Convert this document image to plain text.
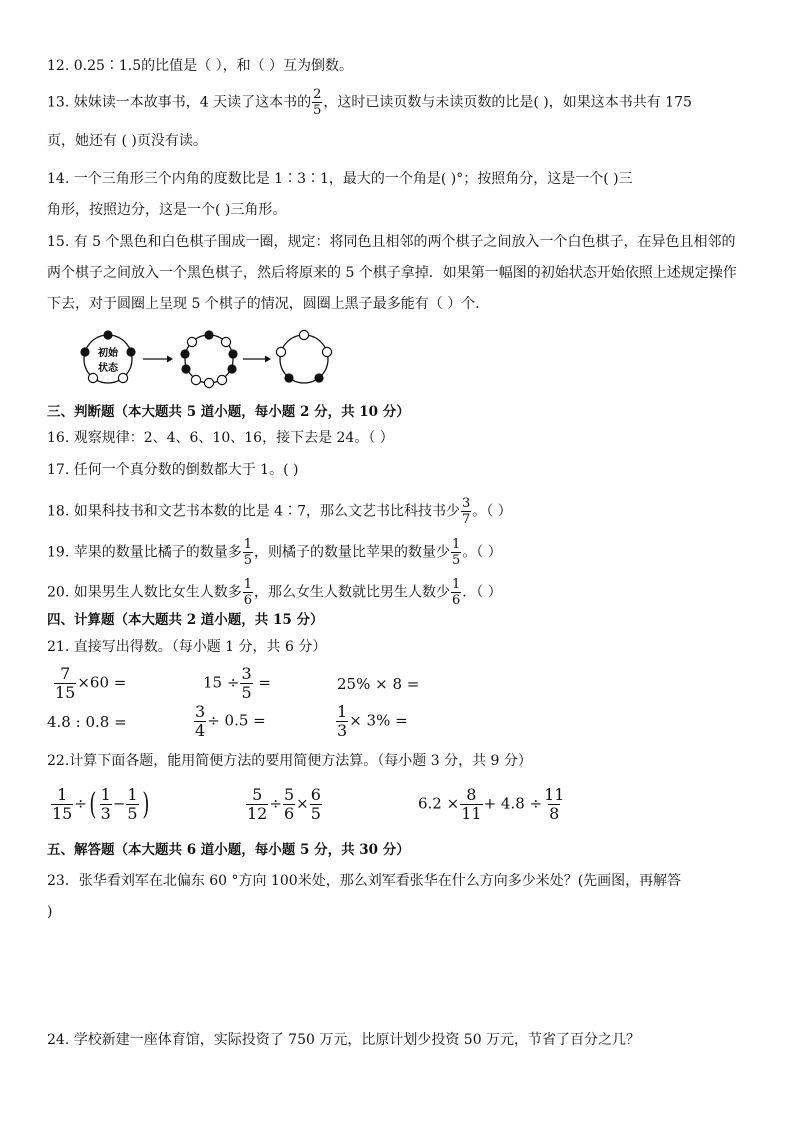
12. 0.25∶1.5的比值是（ ），和（ ）互为倒数。
13. 妹妹读一本故事书，4 天读了这本书的 $\frac{2}{5}$ ，这时已读页数与未读页数的比是( )，如果这本书共有 175
页，她还有 ( )页没有读。
14. 一个三角形三个内角的度数比是 1∶3∶1，最大的一个角是( )°；按照角分，这是一个( )三
角形，按照边分，这是一个( )三角形。
15. 有 5 个黑色和白色棋子围成一圈，规定：将同色且相邻的两个棋子之间放入一个白色棋子，在异色且相邻的
两个棋子之间放入一个黑色棋子，然后将原来的 5 个棋子拿掉．如果第一幅图的初始状态开始依照上述规定操作
下去，对于圆圈上呈现 5 个棋子的情况，圆圈上黑子最多能有（ ）个．
初始
状态
三、判断题（本大题共 5 道小题，每小题 2 分，共 10 分）
16. 观察规律：2、4、6、10、16，接下去是 24。（ ）
17. 任何一个真分数的倒数都大于 1。( )
18. 如果科技书和文艺书本数的比是 4∶7，那么文艺书比科技书少 $\frac{3}{7}$ 。（ ）
19. 苹果的数量比橘子的数量多 $\frac{1}{5}$ ，则橘子的数量比苹果的数量少 $\frac{1}{5}$ 。（ ）
20. 如果男生人数比女生人数多 $\frac{1}{6}$ ，那么女生人数就比男生人数少 $\frac{1}{6}$ ．（ ）
四、计算题（本大题共 2 道小题，共 15 分）
21. 直接写出得数。（每小题 1 分，共 6 分）
$\frac{7}{15} \times 60$ =	$15 \div \frac{3}{5}$ =	25% × 8 =
4.8 : 0.8 =	$\frac{3}{4} \div 0.5$ =	$\frac{1}{3} \times 3\%$ =
22.计算下面各题，能用简便方法的要用简便方法算。（每小题 3 分，共 9 分）
$\frac{1}{15}$ ÷( $\frac{1}{3} - \frac{1}{5}$ )	$\frac{5}{12} \div \frac{5}{6} \times \frac{6}{5}$	$6.2 \times \frac{8}{11} + 4.8 \div \frac{11}{8}$
五、解答题（本大题共 6 道小题，每小题 5 分，共 30 分）
23．张华看刘军在北偏东 60 °方向 100米处，那么刘军看张华在什么方向多少米处？(先画图，再解答
)
24. 学校新建一座体育馆，实际投资了 750 万元，比原计划少投资 50 万元，节省了百分之几？
